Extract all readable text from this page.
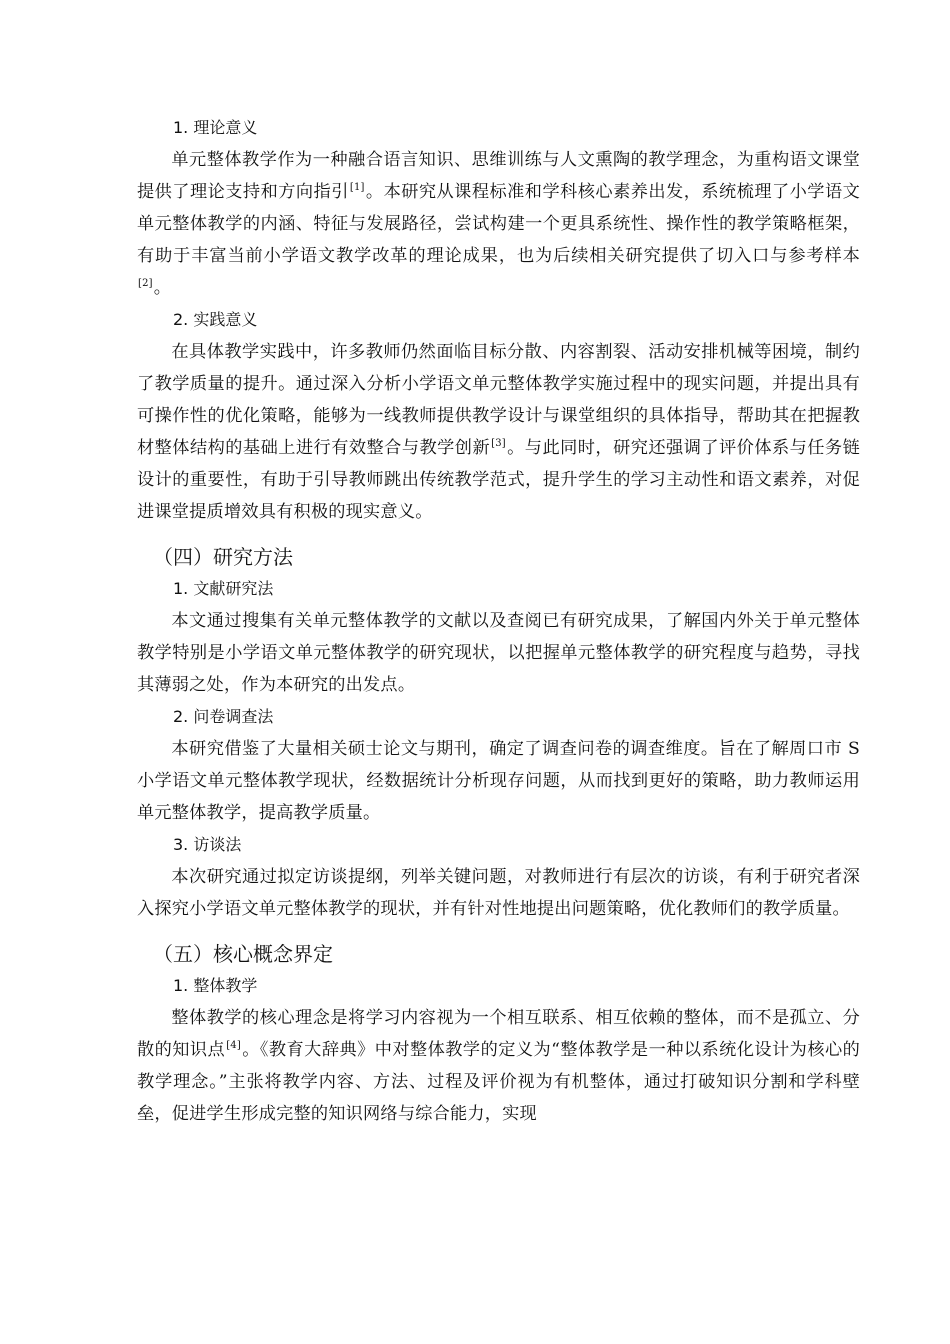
1. 理论意义

单元整体教学作为一种融合语言知识、思维训练与人文熏陶的教学理念，为重构语文课堂提供了理论支持和方向指引[1]。本研究从课程标准和学科核心素养出发，系统梳理了小学语文单元整体教学的内涵、特征与发展路径，尝试构建一个更具系统性、操作性的教学策略框架，有助于丰富当前小学语文教学改革的理论成果，也为后续相关研究提供了切入口与参考样本[2]。

2. 实践意义

在具体教学实践中，许多教师仍然面临目标分散、内容割裂、活动安排机械等困境，制约了教学质量的提升。通过深入分析小学语文单元整体教学实施过程中的现实问题，并提出具有可操作性的优化策略，能够为一线教师提供教学设计与课堂组织的具体指导，帮助其在把握教材整体结构的基础上进行有效整合与教学创新[3]。与此同时，研究还强调了评价体系与任务链设计的重要性，有助于引导教师跳出传统教学范式，提升学生的学习主动性和语文素养，对促进课堂提质增效具有积极的现实意义。

（四）研究方法
1. 文献研究法

本文通过搜集有关单元整体教学的文献以及查阅已有研究成果，了解国内外关于单元整体教学特别是小学语文单元整体教学的研究现状，以把握单元整体教学的研究程度与趋势，寻找其薄弱之处，作为本研究的出发点。

2. 问卷调查法

本研究借鉴了大量相关硕士论文与期刊，确定了调查问卷的调查维度。旨在了解周口市 S 小学语文单元整体教学现状，经数据统计分析现存问题，从而找到更好的策略，助力教师运用单元整体教学，提高教学质量。

3. 访谈法

本次研究通过拟定访谈提纲，列举关键问题，对教师进行有层次的访谈，有利于研究者深入探究小学语文单元整体教学的现状，并有针对性地提出问题策略，优化教师们的教学质量。

（五）核心概念界定
1. 整体教学

整体教学的核心理念是将学习内容视为一个相互联系、相互依赖的整体，而不是孤立、分散的知识点[4]。《教育大辞典》中对整体教学的定义为“整体教学是一种以系统化设计为核心的教学理念。”主张将教学内容、方法、过程及评价视为有机整体，通过打破知识分割和学科壁垒，促进学生形成完整的知识网络与综合能力，实现
